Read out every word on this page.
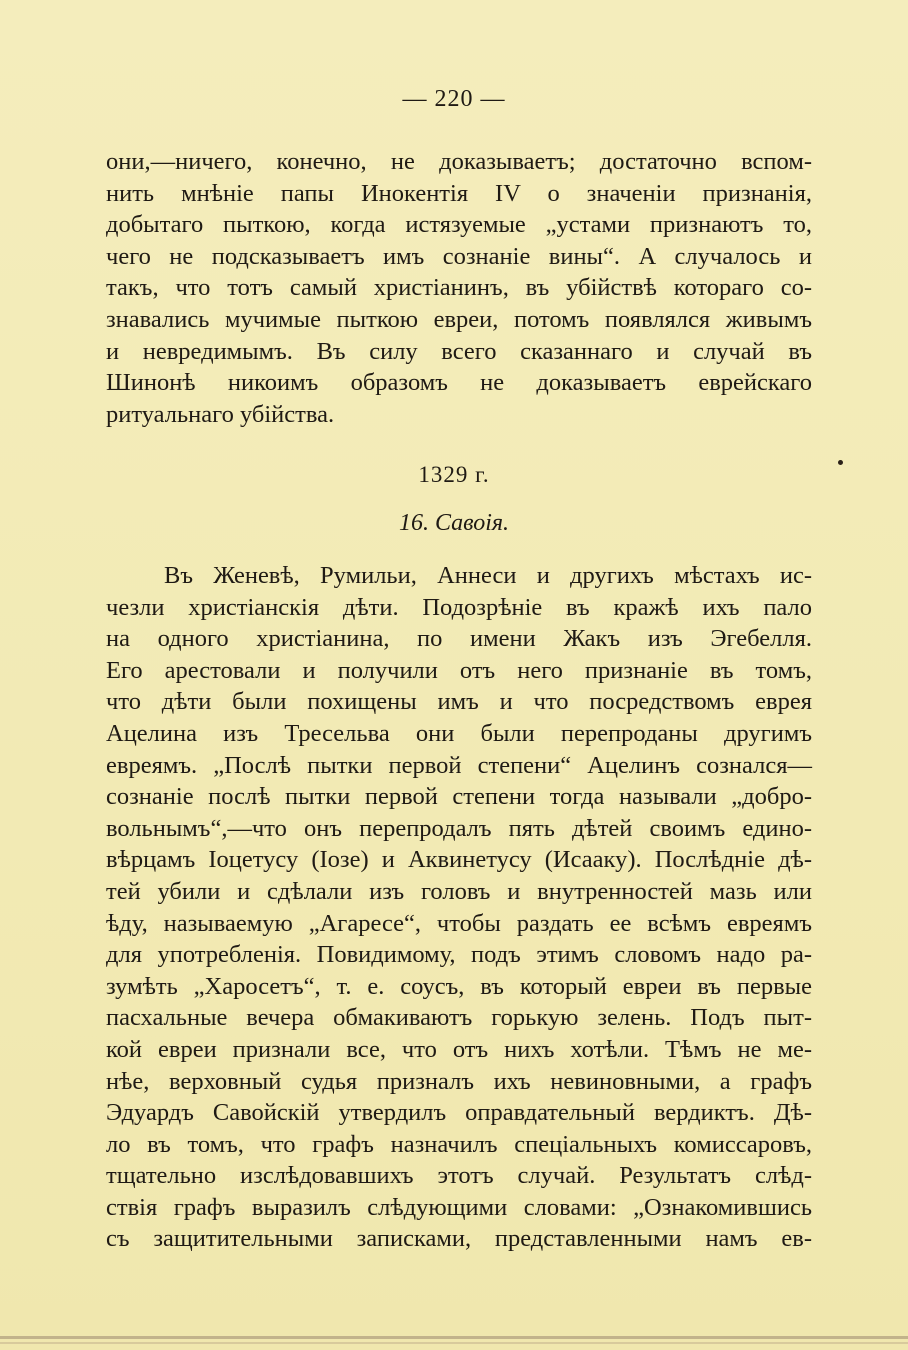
— 220 —
они,—ничего, конечно, не доказываетъ; достаточно вспом-
нить мнѣніе папы Инокентія IV о значеніи признанія,
добытаго пыткою, когда истязуемые „устами признаютъ то,
чего не подсказываетъ имъ сознаніе вины“. А случалось и
такъ, что тотъ самый христіанинъ, въ убійствѣ котораго со-
знавались мучимые пыткою евреи, потомъ появлялся живымъ
и невредимымъ. Въ силу всего сказаннаго и случай въ
Шинонѣ никоимъ образомъ не доказываетъ еврейскаго
ритуальнаго убійства.
1329 г.
16. Савоія.
Въ Женевѣ, Румильи, Аннеси и другихъ мѣстахъ ис-
чезли христіанскія дѣти. Подозрѣніе въ кражѣ ихъ пало
на одного христіанина, по имени Жакъ изъ Эгебелля.
Его арестовали и получили отъ него признаніе въ томъ,
что дѣти были похищены имъ и что посредствомъ еврея
Ацелина изъ Тресельва они были перепроданы другимъ
евреямъ. „Послѣ пытки первой степени“ Ацелинъ сознался—
сознаніе послѣ пытки первой степени тогда называли „добро-
вольнымъ“,—что онъ перепродалъ пять дѣтей своимъ едино-
вѣрцамъ Іоцетусу (Іозе) и Аквинетусу (Исааку). Послѣдніе дѣ-
тей убили и сдѣлали изъ головъ и внутренностей мазь или
ѣду, называемую „Агаресе“, чтобы раздать ее всѣмъ евреямъ
для употребленія. Повидимому, подъ этимъ словомъ надо ра-
зумѣть „Харосетъ“, т. е. соусъ, въ который евреи въ первые
пасхальные вечера обмакиваютъ горькую зелень. Подъ пыт-
кой евреи признали все, что отъ нихъ хотѣли. Тѣмъ не ме-
нѣе, верховный судья призналъ ихъ невиновными, а графъ
Эдуардъ Савойскій утвердилъ оправдательный вердиктъ. Дѣ-
ло въ томъ, что графъ назначилъ спеціальныхъ комиссаровъ,
тщательно изслѣдовавшихъ этотъ случай. Результатъ слѣд-
ствія графъ выразилъ слѣдующими словами: „Ознакомившись
съ защитительными записками, представленными намъ ев-
